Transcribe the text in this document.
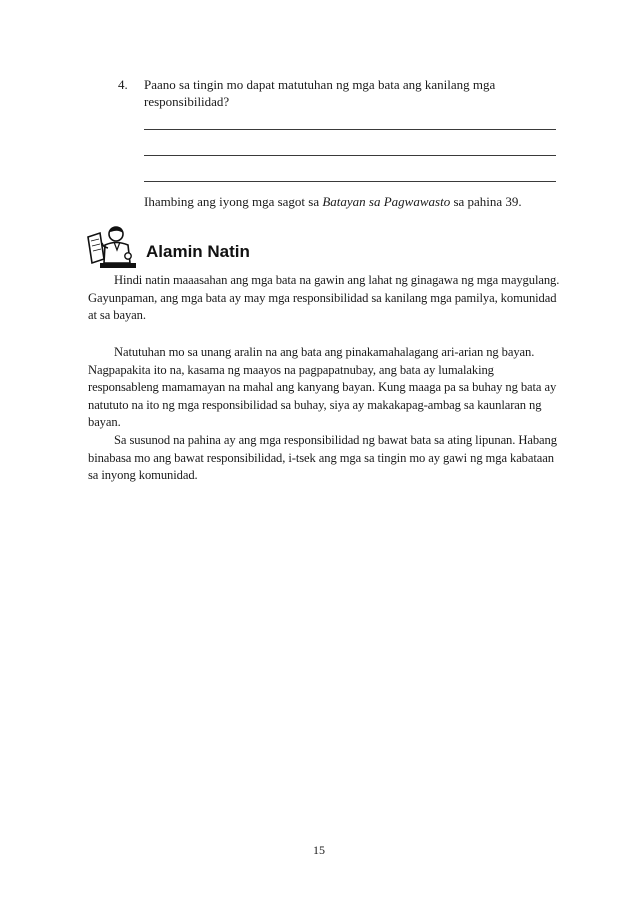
4. Paano sa tingin mo dapat matutuhan ng mga bata ang kanilang mga responsibilidad?
Ihambing ang iyong mga sagot sa Batayan sa Pagwawasto sa pahina 39.
Alamin Natin

Hindi natin maaasahan ang mga bata na gawin ang lahat ng ginagawa ng mga maygulang. Gayunpaman, ang mga bata ay may mga responsibilidad sa kanilang mga pamilya, komunidad at sa bayan.

Natutuhan mo sa unang aralin na ang bata ang pinakamahalagang ari-arian ng bayan. Nagpapakita ito na, kasama ng maayos na pagpapatnubay, ang bata ay lumalaking responsableng mamamayan na mahal ang kanyang bayan. Kung maaga pa sa buhay ng bata ay natututo na ito ng mga responsibilidad sa buhay, siya ay makakapag-ambag sa kaunlaran ng bayan.

Sa susunod na pahina ay ang mga responsibilidad ng bawat bata sa ating lipunan. Habang binabasa mo ang bawat responsibilidad, i-tsek ang mga sa tingin mo ay gawi ng mga kabataan sa inyong komunidad.

15
